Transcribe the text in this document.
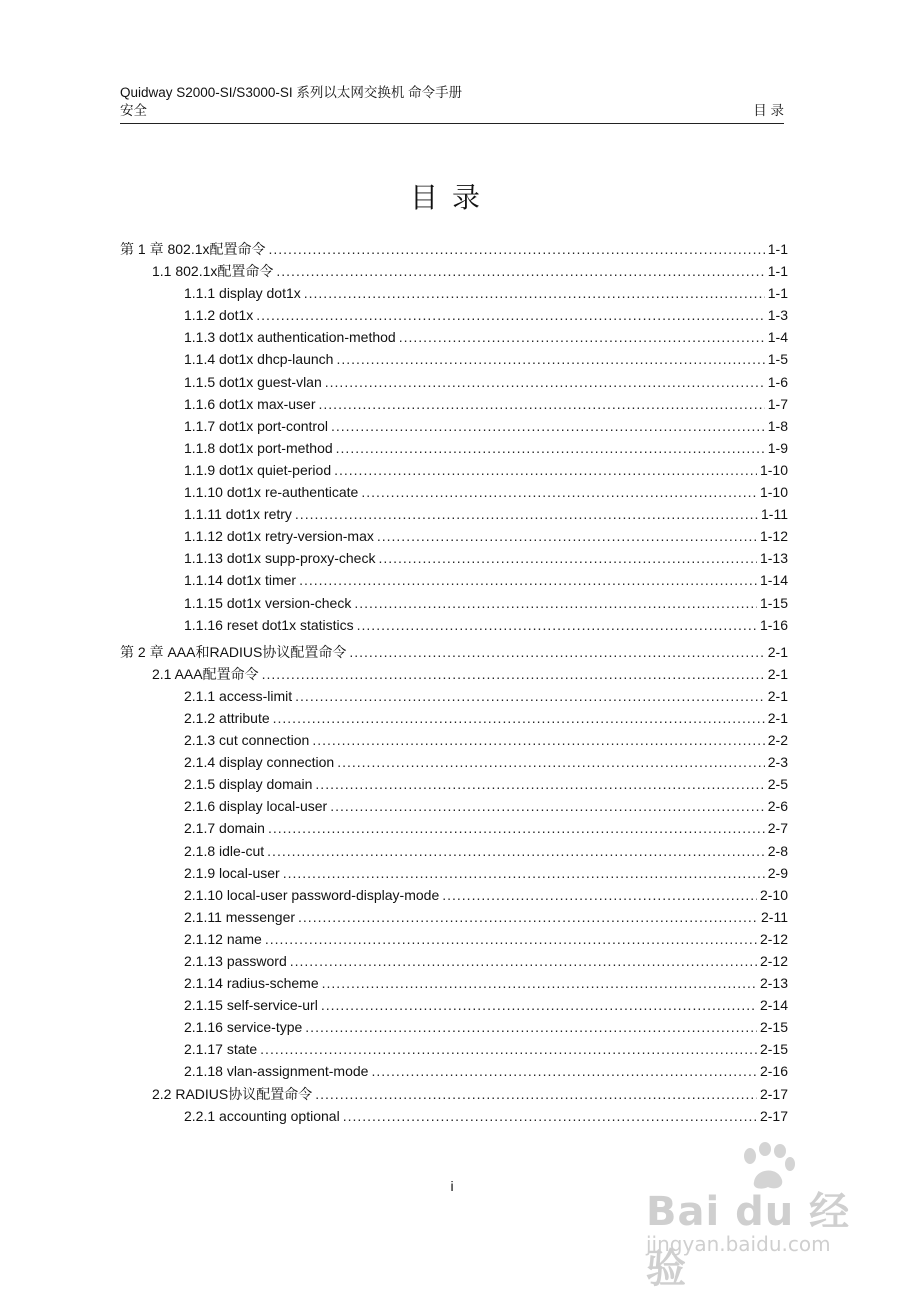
Quidway S2000-SI/S3000-SI 系列以太网交换机 命令手册
安全	目 录
目录
第 1 章 802.1x配置命令 .....	1-1
1.1 802.1x配置命令 .....	1-1
1.1.1 display dot1x .....	1-1
1.1.2 dot1x .....	1-3
1.1.3 dot1x authentication-method .....	1-4
1.1.4 dot1x dhcp-launch .....	1-5
1.1.5 dot1x guest-vlan .....	1-6
1.1.6 dot1x max-user .....	1-7
1.1.7 dot1x port-control .....	1-8
1.1.8 dot1x port-method .....	1-9
1.1.9 dot1x quiet-period .....	1-10
1.1.10 dot1x re-authenticate .....	1-10
1.1.11 dot1x retry .....	1-11
1.1.12 dot1x retry-version-max .....	1-12
1.1.13 dot1x supp-proxy-check .....	1-13
1.1.14 dot1x timer .....	1-14
1.1.15 dot1x version-check .....	1-15
1.1.16 reset dot1x statistics .....	1-16
第 2 章 AAA和RADIUS协议配置命令 .....	2-1
2.1 AAA配置命令 .....	2-1
2.1.1 access-limit .....	2-1
2.1.2 attribute .....	2-1
2.1.3 cut connection .....	2-2
2.1.4 display connection .....	2-3
2.1.5 display domain .....	2-5
2.1.6 display local-user .....	2-6
2.1.7 domain .....	2-7
2.1.8 idle-cut .....	2-8
2.1.9 local-user .....	2-9
2.1.10 local-user password-display-mode .....	2-10
2.1.11 messenger .....	2-11
2.1.12 name .....	2-12
2.1.13 password .....	2-12
2.1.14 radius-scheme .....	2-13
2.1.15 self-service-url .....	2-14
2.1.16 service-type .....	2-15
2.1.17 state .....	2-15
2.1.18 vlan-assignment-mode .....	2-16
2.2 RADIUS协议配置命令 .....	2-17
2.2.1 accounting optional .....	2-17
i
Bai du 经验
jingyan.baidu.com
